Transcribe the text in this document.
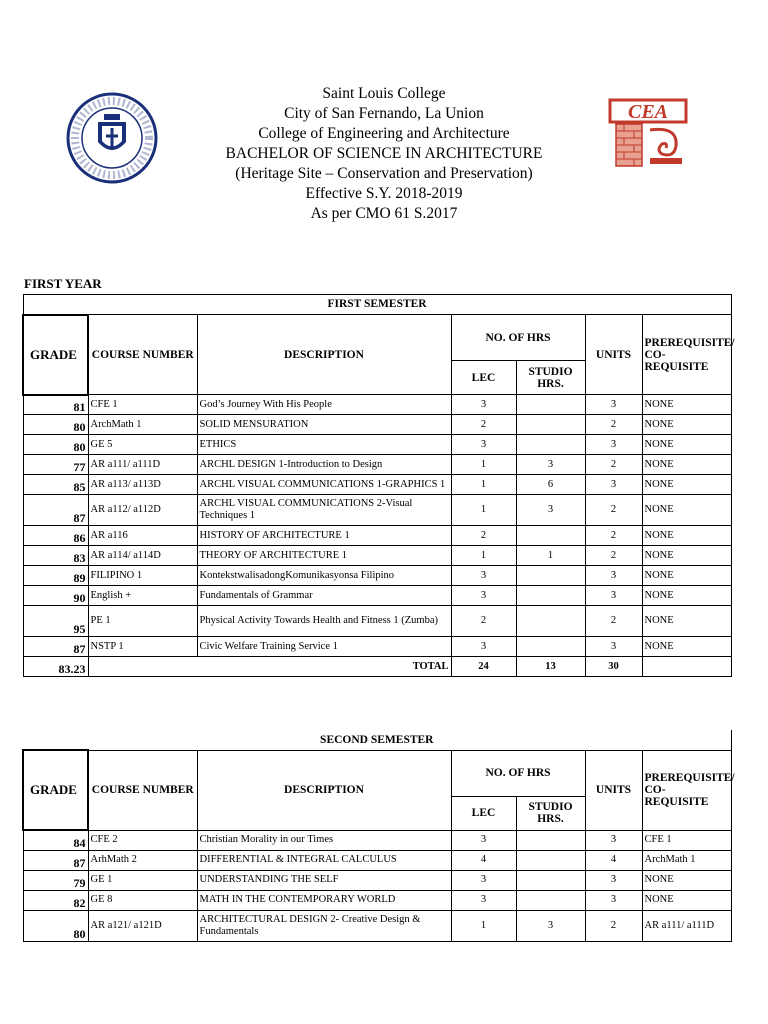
Saint Louis College
City of San Fernando, La Union
College of Engineering and Architecture
BACHELOR OF SCIENCE IN ARCHITECTURE
(Heritage Site – Conservation and Preservation)
Effective S.Y. 2018-2019
As per CMO 61 S.2017
CEA
FIRST YEAR
FIRST SEMESTER						
GRADE	COURSE NUMBER	DESCRIPTION	NO. OF HRS		UNITS	PREREQUISITE/ CO-REQUISITE
			LEC	STUDIO HRS.		
81	CFE 1	God’s Journey With His People	3		3	NONE
80	ArchMath 1	SOLID MENSURATION	2		2	NONE
80	GE 5	ETHICS	3		3	NONE
77	AR a111/ a111D	ARCHL DESIGN 1-Introduction to Design	1	3	2	NONE
85	AR a113/ a113D	ARCHL VISUAL COMMUNICATIONS 1-GRAPHICS 1	1	6	3	NONE
87	AR a112/ a112D	ARCHL VISUAL COMMUNICATIONS 2-Visual Techniques 1	1	3	2	NONE
86	AR a116	HISTORY OF ARCHITECTURE 1	2		2	NONE
83	AR a114/ a114D	THEORY OF ARCHITECTURE 1	1	1	2	NONE
89	FILIPINO 1	KontekstwalisadongKomunikasyonsa Filipino	3		3	NONE
90	English +	Fundamentals of Grammar	3		3	NONE
95	PE 1	Physical Activity Towards Health and Fitness 1 (Zumba)	2		2	NONE
87	NSTP 1	Civic Welfare Training Service 1	3		3	NONE
83.23	TOTAL		24	13	30	
SECOND SEMESTER						
GRADE	COURSE NUMBER	DESCRIPTION	NO. OF HRS		UNITS	PREREQUISITE/ CO-REQUISITE
			LEC	STUDIO HRS.		
84	CFE 2	Christian Morality in our Times	3		3	CFE 1
87	ArhMath 2	DIFFERENTIAL & INTEGRAL CALCULUS	4		4	ArchMath 1
79	GE 1	UNDERSTANDING THE SELF	3		3	NONE
82	GE 8	MATH IN THE CONTEMPORARY WORLD	3		3	NONE
80	AR a121/ a121D	ARCHITECTURAL DESIGN 2- Creative Design & Fundamentals	1	3	2	AR a111/ a111D
